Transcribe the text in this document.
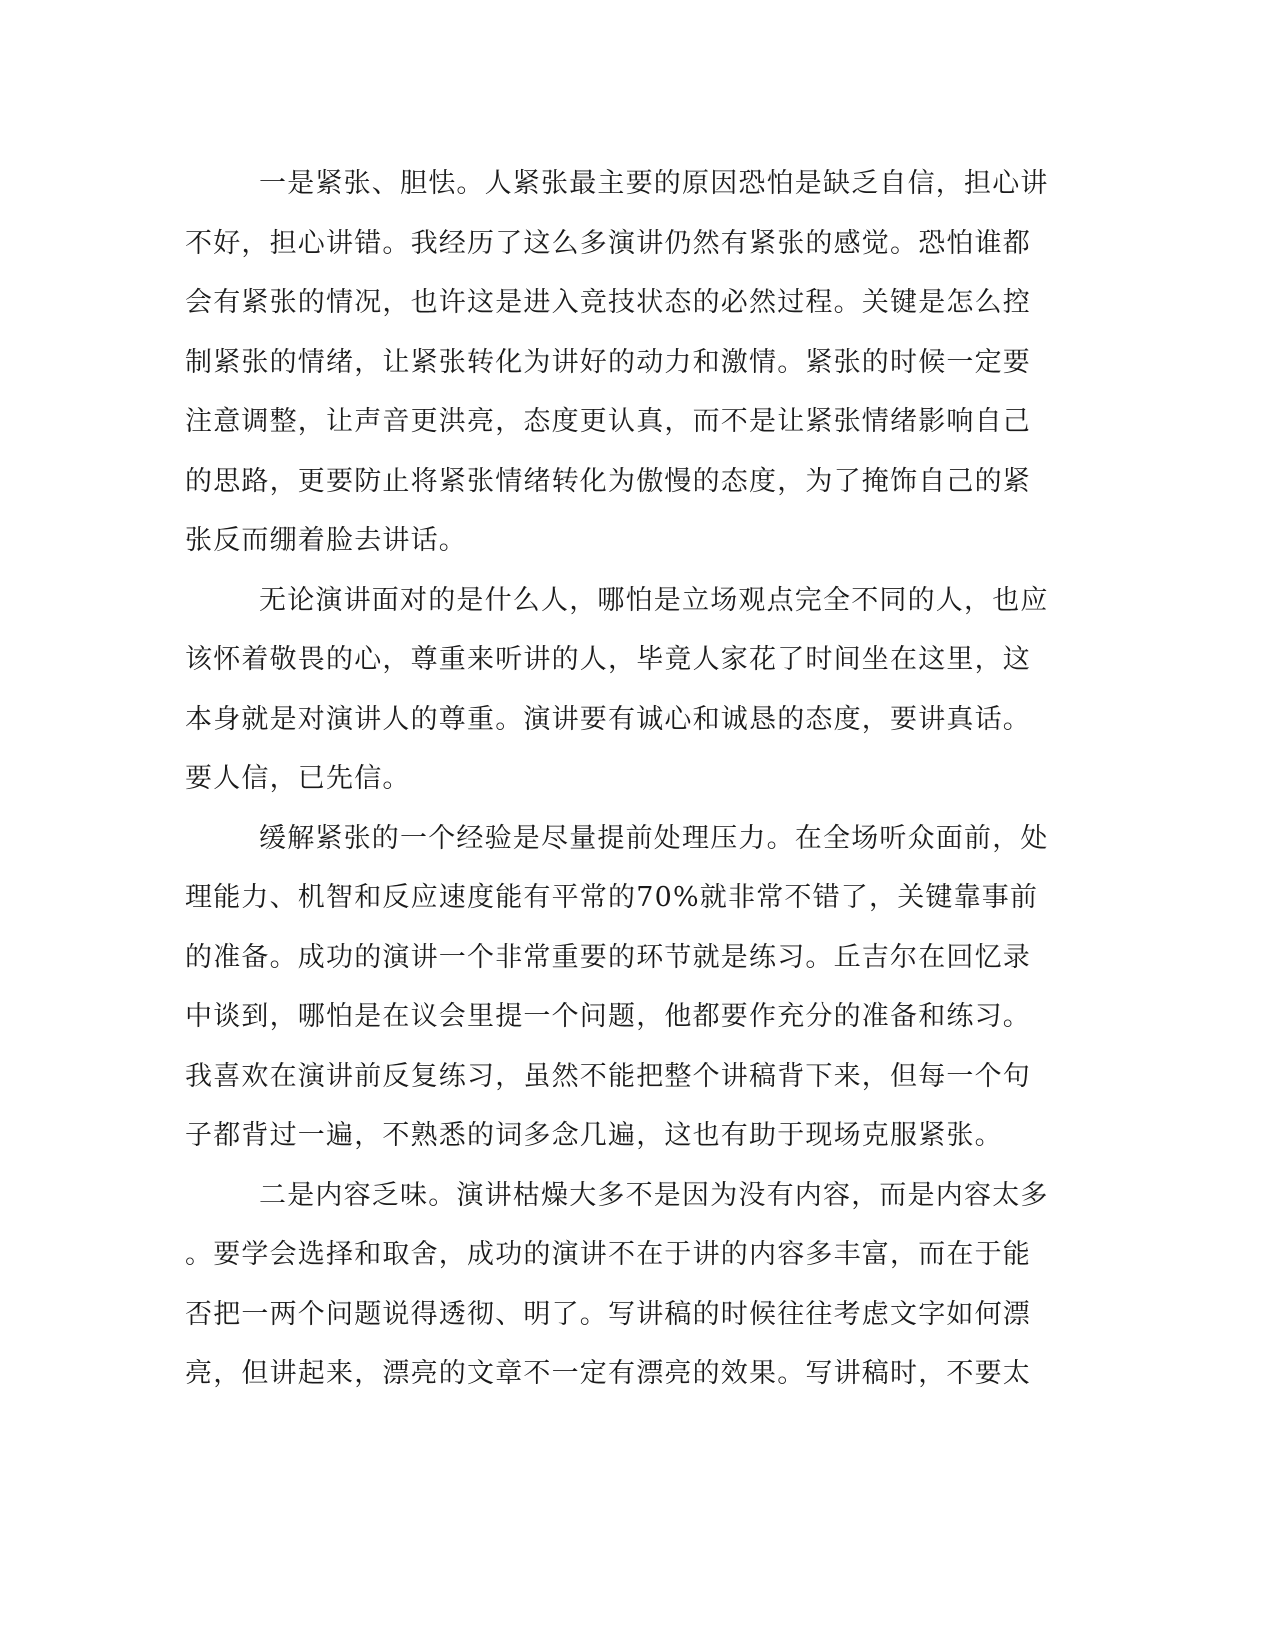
一是紧张、胆怯。人紧张最主要的原因恐怕是缺乏自信，担心讲
不好，担心讲错。我经历了这么多演讲仍然有紧张的感觉。恐怕谁都
会有紧张的情况，也许这是进入竞技状态的必然过程。关键是怎么控
制紧张的情绪，让紧张转化为讲好的动力和激情。紧张的时候一定要
注意调整，让声音更洪亮，态度更认真，而不是让紧张情绪影响自己
的思路，更要防止将紧张情绪转化为傲慢的态度，为了掩饰自己的紧
张反而绷着脸去讲话。
无论演讲面对的是什么人，哪怕是立场观点完全不同的人，也应
该怀着敬畏的心，尊重来听讲的人，毕竟人家花了时间坐在这里，这
本身就是对演讲人的尊重。演讲要有诚心和诚恳的态度，要讲真话。
要人信，已先信。
缓解紧张的一个经验是尽量提前处理压力。在全场听众面前，处
理能力、机智和反应速度能有平常的70%就非常不错了，关键靠事前
的准备。成功的演讲一个非常重要的环节就是练习。丘吉尔在回忆录
中谈到，哪怕是在议会里提一个问题，他都要作充分的准备和练习。
我喜欢在演讲前反复练习，虽然不能把整个讲稿背下来，但每一个句
子都背过一遍，不熟悉的词多念几遍，这也有助于现场克服紧张。
二是内容乏味。演讲枯燥大多不是因为没有内容，而是内容太多
。要学会选择和取舍，成功的演讲不在于讲的内容多丰富，而在于能
否把一两个问题说得透彻、明了。写讲稿的时候往往考虑文字如何漂
亮，但讲起来，漂亮的文章不一定有漂亮的效果。写讲稿时，不要太
